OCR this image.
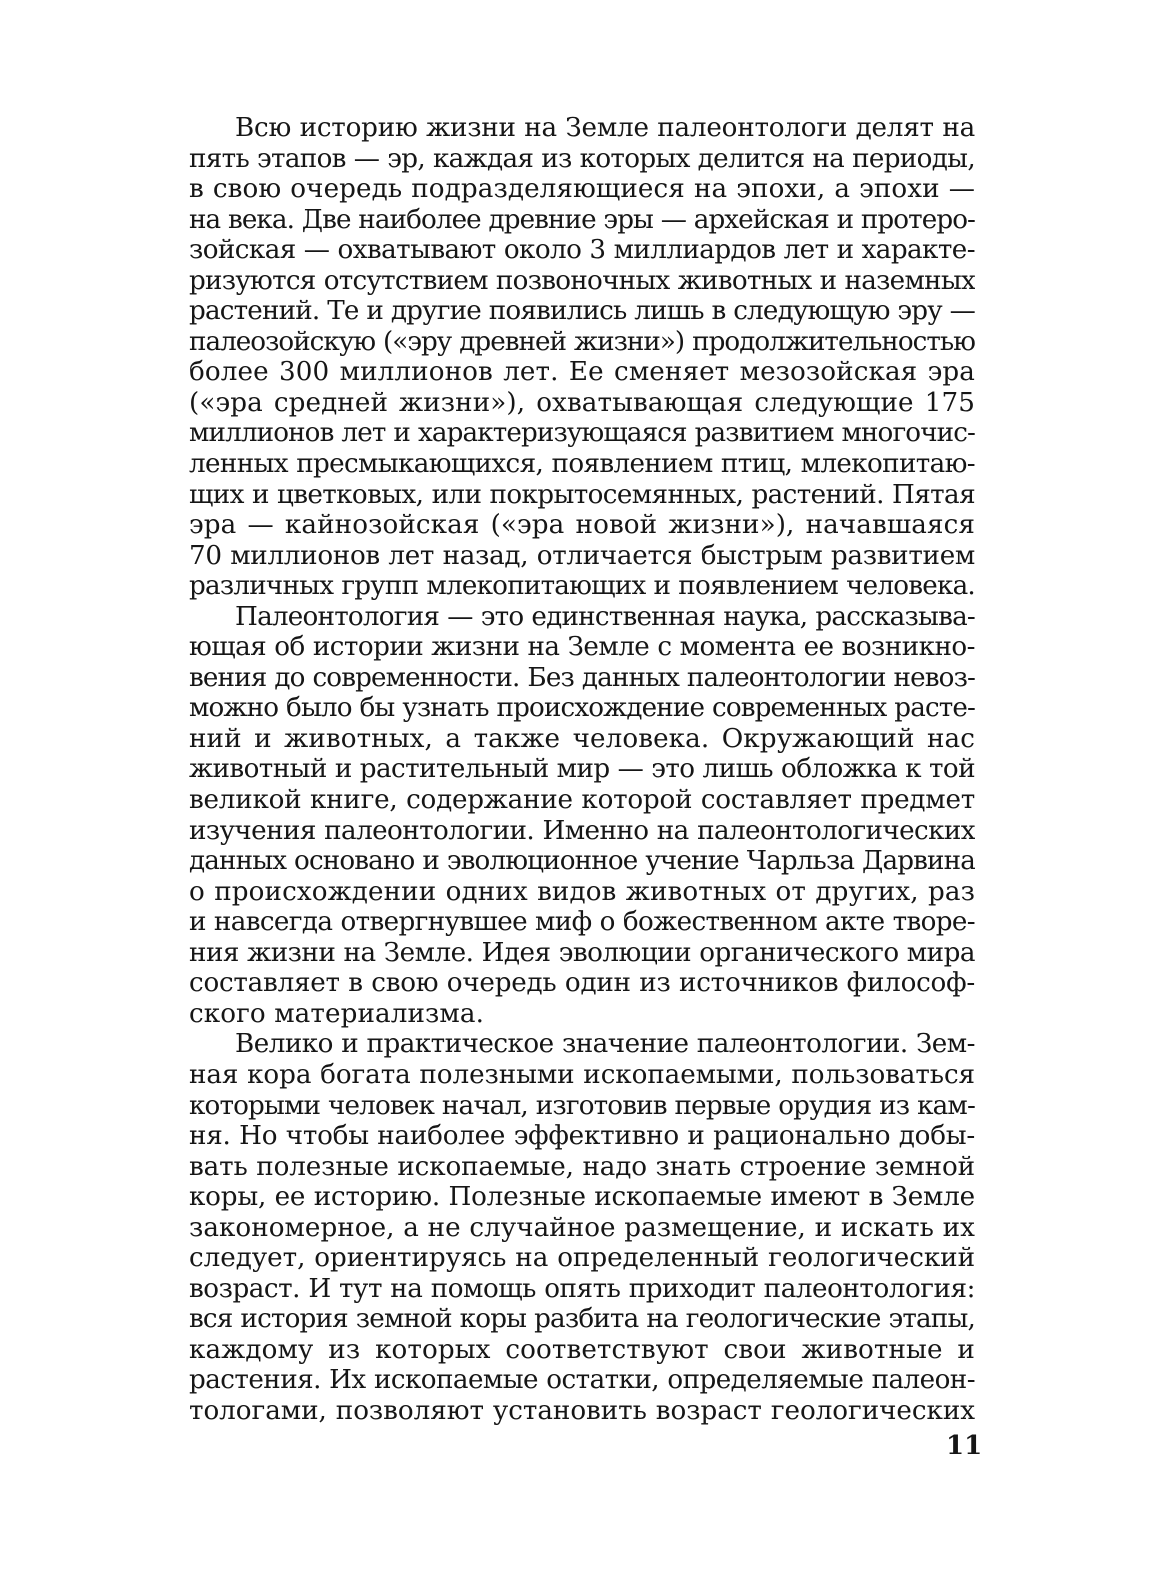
Всю историю жизни на Земле палеонтологи делят на
пять этапов — эр, каждая из которых делится на периоды,
в свою очередь подразделяющиеся на эпохи, а эпохи —
на века. Две наиболее древние эры — архейская и протеро-
зойская — охватывают около 3 миллиардов лет и характе-
ризуются отсутствием позвоночных животных и наземных
растений. Те и другие появились лишь в следующую эру —
палеозойскую («эру древней жизни») продолжительностью
более 300 миллионов лет. Ее сменяет мезозойская эра
(«эра средней жизни»), охватывающая следующие 175
миллионов лет и характеризующаяся развитием многочис-
ленных пресмыкающихся, появлением птиц, млекопитаю-
щих и цветковых, или покрытосемянных, растений. Пятая
эра — кайнозойская («эра новой жизни»), начавшаяся
70 миллионов лет назад, отличается быстрым развитием
различных групп млекопитающих и появлением человека.
Палеонтология — это единственная наука, рассказыва-
ющая об истории жизни на Земле с момента ее возникно-
вения до современности. Без данных палеонтологии невоз-
можно было бы узнать происхождение современных расте-
ний и животных, а также человека. Окружающий нас
животный и растительный мир — это лишь обложка к той
великой книге, содержание которой составляет предмет
изучения палеонтологии. Именно на палеонтологических
данных основано и эволюционное учение Чарльза Дарвина
о происхождении одних видов животных от других, раз
и навсегда отвергнувшее миф о божественном акте творе-
ния жизни на Земле. Идея эволюции органического мира
составляет в свою очередь один из источников философ-
ского материализма.
Велико и практическое значение палеонтологии. Зем-
ная кора богата полезными ископаемыми, пользоваться
которыми человек начал, изготовив первые орудия из кам-
ня. Но чтобы наиболее эффективно и рационально добы-
вать полезные ископаемые, надо знать строение земной
коры, ее историю. Полезные ископаемые имеют в Земле
закономерное, а не случайное размещение, и искать их
следует, ориентируясь на определенный геологический
возраст. И тут на помощь опять приходит палеонтология:
вся история земной коры разбита на геологические этапы,
каждому из которых соответствуют свои животные и
растения. Их ископаемые остатки, определяемые палеон-
тологами, позволяют установить возраст геологических
11
